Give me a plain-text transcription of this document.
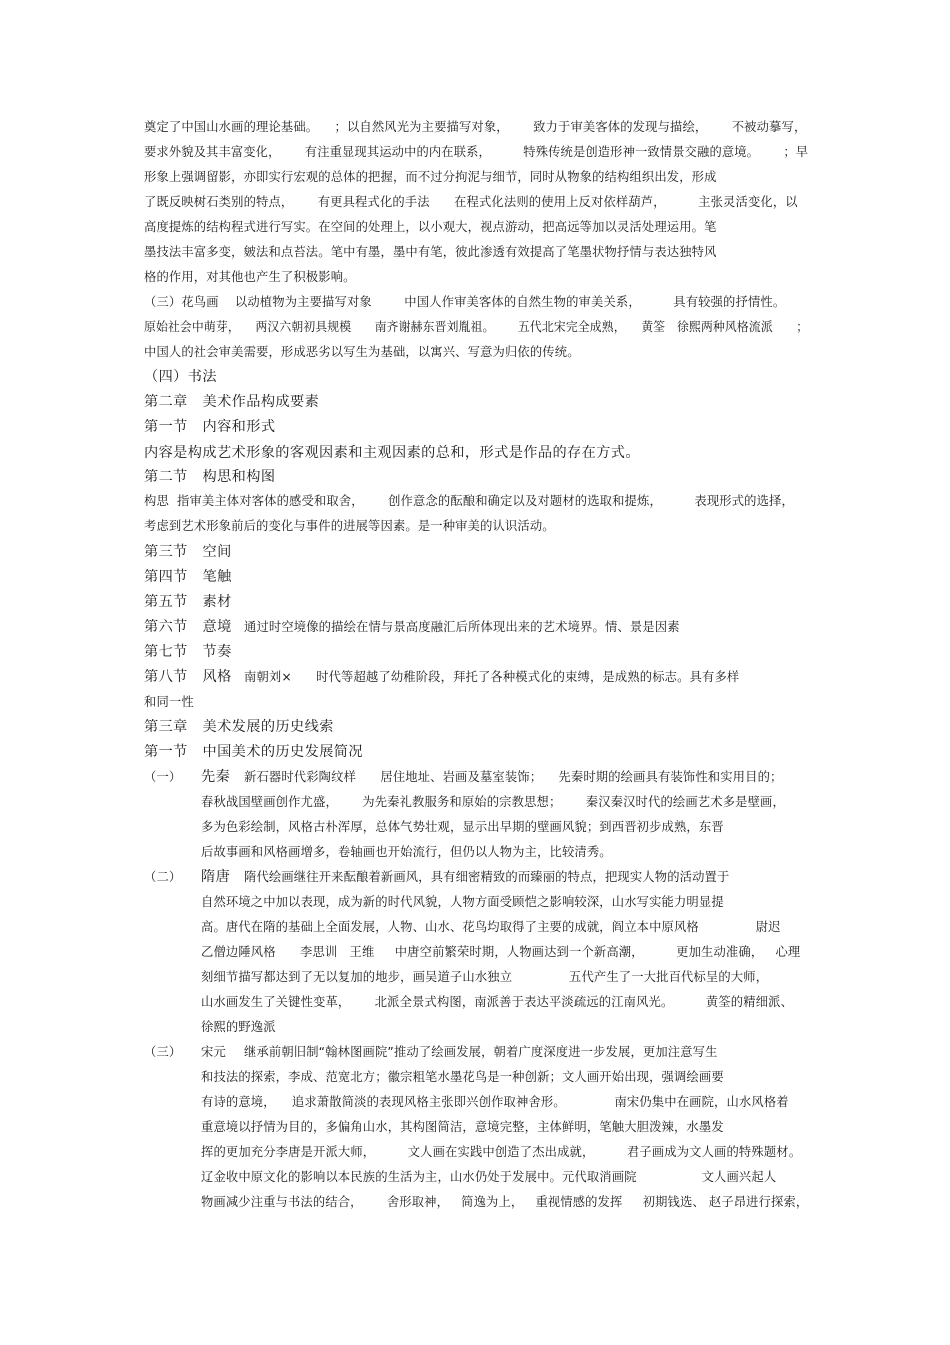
奠定了中国山水画的理论基础。    ；以自然风光为主要描写对象，      致力于审美客体的发现与描绘，      不被动摹写，
要求外貌及其丰富变化，      有注重显现其运动中的内在联系，        特殊传统是创造形神一致情景交融的意境。      ；早
形象上强调留影，亦即实行宏观的总体的把握，而不过分拘泥与细节，同时从物象的结构组织出发，形成
了既反映树石类别的特点，      有更具程式化的手法      在程式化法则的使用上反对依样葫芦，        主张灵活变化，以
高度提炼的结构程式进行写实。在空间的处理上，以小观大，视点游动，把高远等加以灵活处理运用。笔
墨技法丰富多变，皴法和点苔法。笔中有墨，墨中有笔，彼此渗透有效提高了笔墨状物抒情与表达独特风
格的作用，对其他也产生了积极影响。
（三）花鸟画    以动植物为主要描写对象        中国人作审美客体的自然生物的审美关系，        具有较强的抒情性。
原始社会中萌芽，    两汉六朝初具规模      南齐谢赫东晋刘胤祖。      五代北宋完全成熟，    黄筌   徐熙两种风格流派      ；
中国人的社会审美需要，形成恶劣以写生为基础，以寓兴、写意为归依的传统。
（四）书法
第二章   美术作品构成要素
第一节   内容和形式
内容是构成艺术形象的客观因素和主观因素的总和，形式是作品的存在方式。
第二节   构思和构图
构思  指审美主体对客体的感受和取舍，      创作意念的酝酿和确定以及对题材的选取和提炼，        表现形式的选择，
考虑到艺术形象前后的变化与事件的进展等因素。是一种审美的认识活动。
第三节   空间
第四节   笔触
第五节   素材
第六节   意境 通过时空境像的描绘在情与景高度融汇后所体现出来的艺术境界。情、景是因素
第七节   节奏
第八节   风格 南朝刘×      时代等超越了幼稚阶段，拜托了各种模式化的束缚，是成熟的标志。具有多样
和同一性
第三章   美术发展的历史线索
第一节   中国美术的历史发展简况
（一） 先秦 新石器时代彩陶纹样      居住地址、岩画及墓室装饰；    先秦时期的绘画具有装饰性和实用目的；
春秋战国壁画创作尤盛，      为先秦礼教服务和原始的宗教思想；      秦汉秦汉时代的绘画艺术多是壁画，
多为色彩绘制，风格古朴浑厚，总体气势壮观，显示出早期的壁画风貌；到西晋初步成熟，东晋
后故事画和风格画增多，卷轴画也开始流行，但仍以人物为主，比较清秀。
（二） 隋唐 隋代绘画继往开来酝酿着新画风，具有细密精致的而臻丽的特点，把现实人物的活动置于
自然环境之中加以表现，成为新的时代风貌，人物方面受顾恺之影响较深，山水写实能力明显提
高。唐代在隋的基础上全面发展，人物、山水、花鸟均取得了主要的成就，阎立本中原风格              尉迟
乙僧边陲风格      李思训   王维     中唐空前繁荣时期，人物画达到一个新高潮，        更加生动准确，   心理
刻细节描写都达到了无以复加的地步，画吴道子山水独立              五代产生了一大批百代标呈的大师，
山水画发生了关键性变革，      北派全景式构图，南派善于表达平淡疏远的江南风光。        黄筌的精细派、
徐熙的野逸派
（三） 宋元 继承前朝旧制“翰林图画院”推动了绘画发展，朝着广度深度进一步发展，更加注意写生
和技法的探索，李成、范宽北方；徽宗粗笔水墨花鸟是一种创新；文人画开始出现，强调绘画要
有诗的意境，    追求萧散简淡的表现风格主张即兴创作取神舍形。            南宋仍集中在画院，山水风格着
重意境以抒情为目的，多偏角山水，其构图简洁，意境完整，主体鲜明，笔触大胆泼辣，水墨发
挥的更加充分李唐是开派大师，        文人画在实践中创造了杰出成就，        君子画成为文人画的特殊题材。
辽金收中原文化的影响以本民族的生活为主，山水仍处于发展中。元代取消画院                文人画兴起人
物画减少注重与书法的结合，      舍形取神，   简逸为上，   重视情感的发挥     初期钱选、 赵子昂进行探索，
